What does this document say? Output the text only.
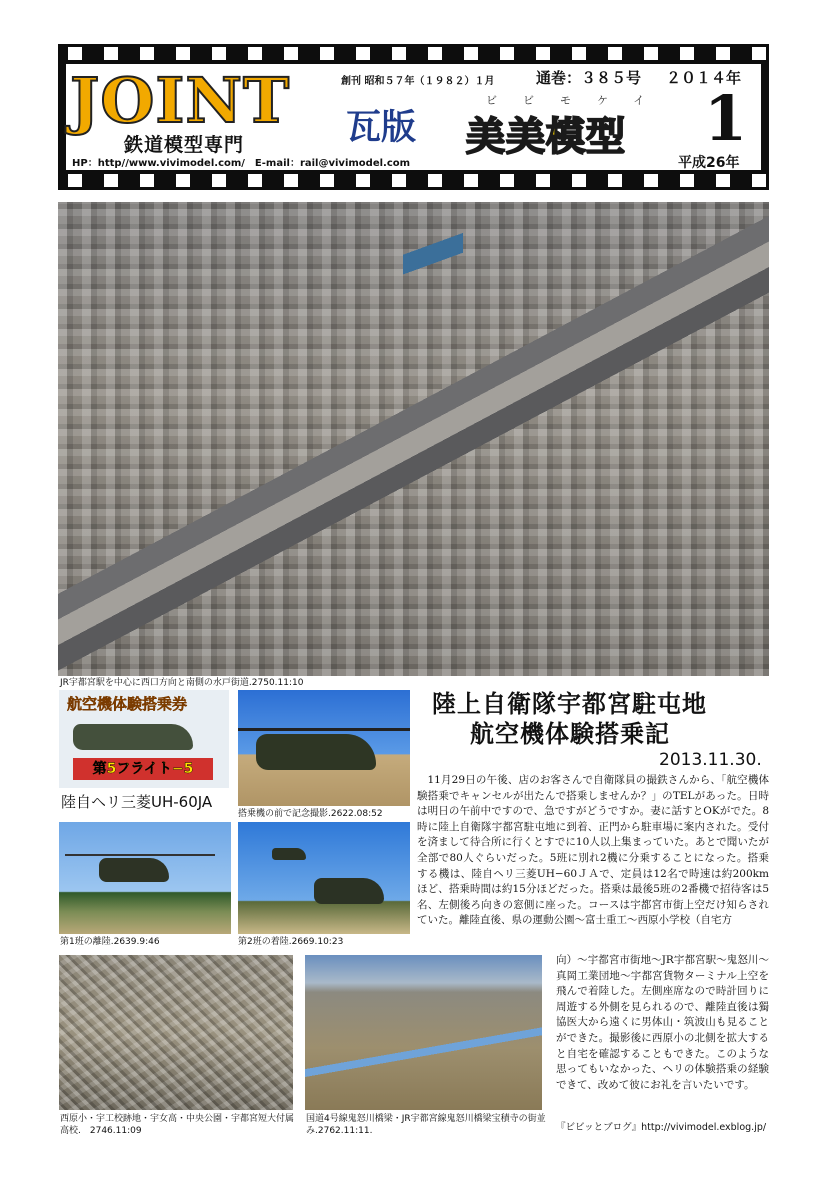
JOINT
鉄道模型専門
HP：http//www.vivimodel.com/　E-mail：rail@vivimodel.com
創刊 昭和５７年（１９８２）１月	通巻：３８５号 ２０１４年
瓦版
ビビモケイ
美美模型 1
平成26年
JR宇都宮駅を中心に西口方向と南側の水戸街道.2750.11:10
航空機体験搭乗券
第5フライト−5
陸自ヘリ三菱UH-60JA
搭乗機の前で記念撮影.2622.08:52
第1班の離陸.2639.9:46	第2班の着陸.2669.10:23
西原小・宇工校跡地・宇女高・中央公園・宇都宮短大付属高校.　2746.11:09
国道4号線鬼怒川橋梁・JR宇都宮線鬼怒川橋梁宝積寺の街並み.2762.11:11.
陸上自衛隊宇都宮駐屯地
航空機体験搭乗記
2013.11.30.

11月29日の午後、店のお客さんで自衛隊員の撮鉄さんから、「航空機体験搭乗でキャンセルが出たんで搭乗しませんか？」のTELがあった。日時は明日の午前中ですので、急ですがどうですか。妻に話すとOKがでた。8時に陸上自衛隊宇都宮駐屯地に到着、正門から駐車場に案内された。受付を済まして待合所に行くとすでに10人以上集まっていた。あとで聞いたが全部で80人ぐらいだった。5班に別れ2機に分乗することになった。搭乗する機は、陸自ヘリ三菱UH−60ＪＡで、定員は12名で時速は約200kmほど、搭乗時間は約15分ほどだった。搭乗は最後5班の2番機で招待客は5名、左側後ろ向きの窓側に座った。コースは宇都宮市街上空だけ知らされていた。離陸直後、県の運動公園〜富士重工〜西原小学校（自宅方

向）〜宇都宮市街地〜JR宇都宮駅〜鬼怒川〜真岡工業団地〜宇都宮貨物ターミナル上空を飛んで着陸した。左側座席なので時計回りに周遊する外側を見られるので、離陸直後は獨協医大から遠くに男体山・筑波山も見ることができた。撮影後に西原小の北側を拡大すると自宅を確認することもできた。このような思ってもいなかった、ヘリの体験搭乗の経験できて、改めて彼にお礼を言いたいです。

『ビビッとブログ』http://vivimodel.exblog.jp/
